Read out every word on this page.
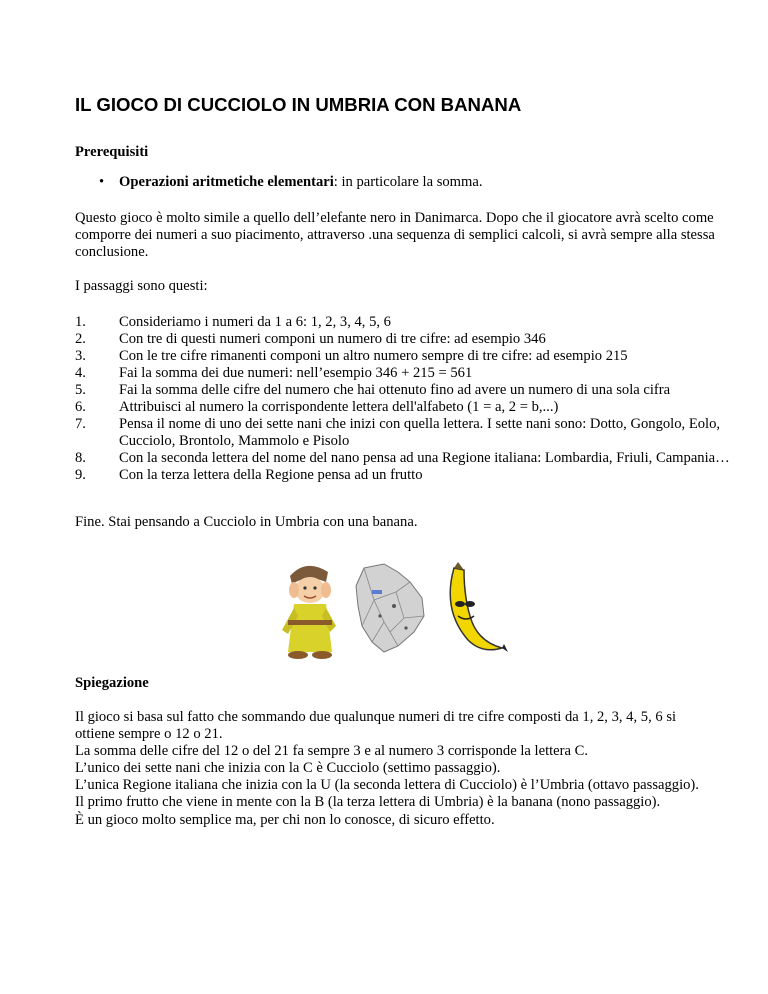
IL GIOCO DI CUCCIOLO IN UMBRIA CON BANANA

Prerequisiti

• Operazioni aritmetiche elementari: in particolare la somma.

Questo gioco è molto simile a quello dell’elefante nero in Danimarca. Dopo che il giocatore avrà scelto come comporre dei numeri a suo piacimento, attraverso .una sequenza di semplici calcoli, si avrà sempre alla stessa conclusione.

I passaggi sono questi:

1.	Consideriamo i numeri da 1 a 6: 1, 2, 3, 4, 5, 6
2.	Con tre di questi numeri componi un numero di tre cifre: ad esempio 346
3.	Con le tre cifre rimanenti componi un altro numero sempre di tre cifre: ad esempio 215
4.	Fai la somma dei due numeri: nell’esempio 346 + 215 = 561
5.	Fai la somma delle cifre del numero che hai ottenuto fino ad avere un numero di una sola cifra
6.	Attribuisci al numero la corrispondente lettera dell'alfabeto (1 = a, 2 = b,...)
7.	Pensa il nome di uno dei sette nani che inizi con quella lettera. I sette nani sono: Dotto, Gongolo, Eolo, Cucciolo, Brontolo, Mammolo e Pisolo
8.	Con la seconda lettera del nome del nano pensa ad una Regione italiana: Lombardia, Friuli, Campania…
9.	Con la terza lettera della Regione pensa ad un frutto

Fine. Stai pensando a Cucciolo in Umbria con una banana.

Spiegazione

Il gioco si basa sul fatto che sommando due qualunque numeri di tre cifre composti da 1, 2, 3, 4, 5, 6 si ottiene sempre o 12 o 21.
La somma delle cifre del 12 o del 21 fa sempre 3 e al numero 3 corrisponde la lettera C.
L’unico dei sette nani che inizia con la C è Cucciolo (settimo passaggio).
L’unica Regione italiana che inizia con la U (la seconda lettera di Cucciolo) è l’Umbria (ottavo passaggio).
Il primo frutto che viene in mente con la B (la terza lettera di Umbria) è la banana (nono passaggio).

È un gioco molto semplice ma, per chi non lo conosce, di sicuro effetto.
